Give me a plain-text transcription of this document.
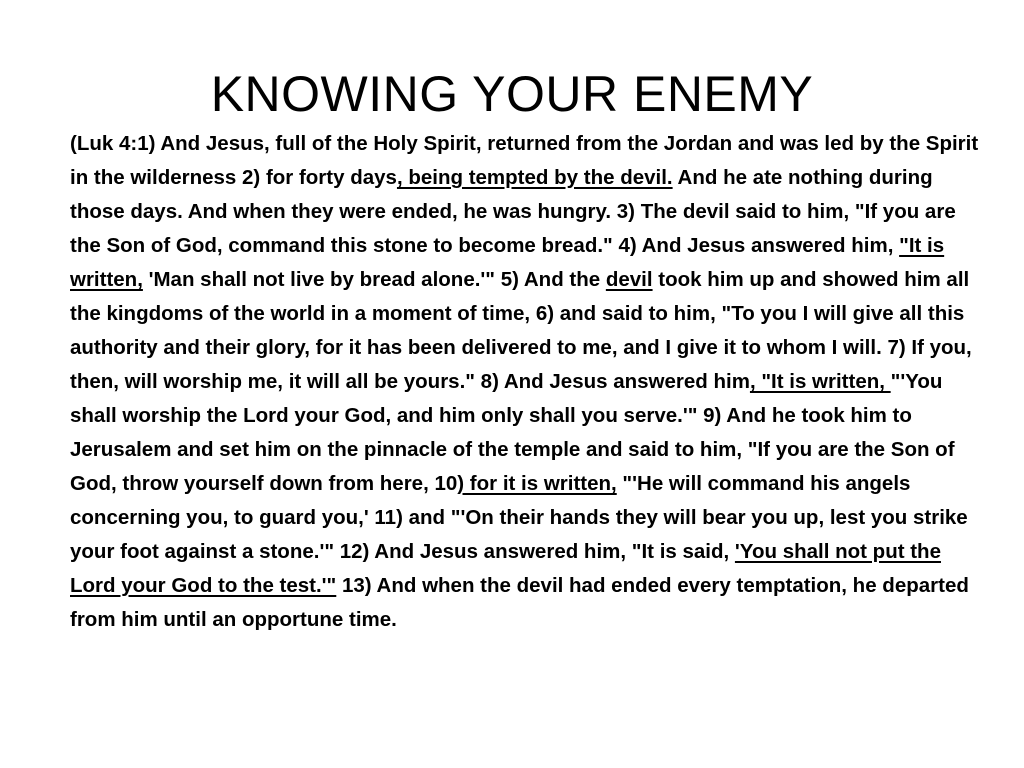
KNOWING YOUR ENEMY

(Luk 4:1) And Jesus, full of the Holy Spirit, returned from the Jordan and was led by the Spirit in the wilderness 2) for forty days, being tempted by the devil. And he ate nothing during those days. And when they were ended, he was hungry. 3) The devil said to him, "If you are the Son of God, command this stone to become bread." 4) And Jesus answered him, "It is written, 'Man shall not live by bread alone.'" 5) And the devil took him up and showed him all the kingdoms of the world in a moment of time, 6) and said to him, "To you I will give all this authority and their glory, for it has been delivered to me, and I give it to whom I will. 7) If you, then, will worship me, it will all be yours." 8) And Jesus answered him, "It is written, "'You shall worship the Lord your God, and him only shall you serve.'" 9) And he took him to Jerusalem and set him on the pinnacle of the temple and said to him, "If you are the Son of God, throw yourself down from here, 10) for it is written, "'He will command his angels concerning you, to guard you,' 11) and "'On their hands they will bear you up, lest you strike your foot against a stone.'" 12) And Jesus answered him, "It is said, 'You shall not put the Lord your God to the test.'" 13) And when the devil had ended every temptation, he departed from him until an opportune time.
